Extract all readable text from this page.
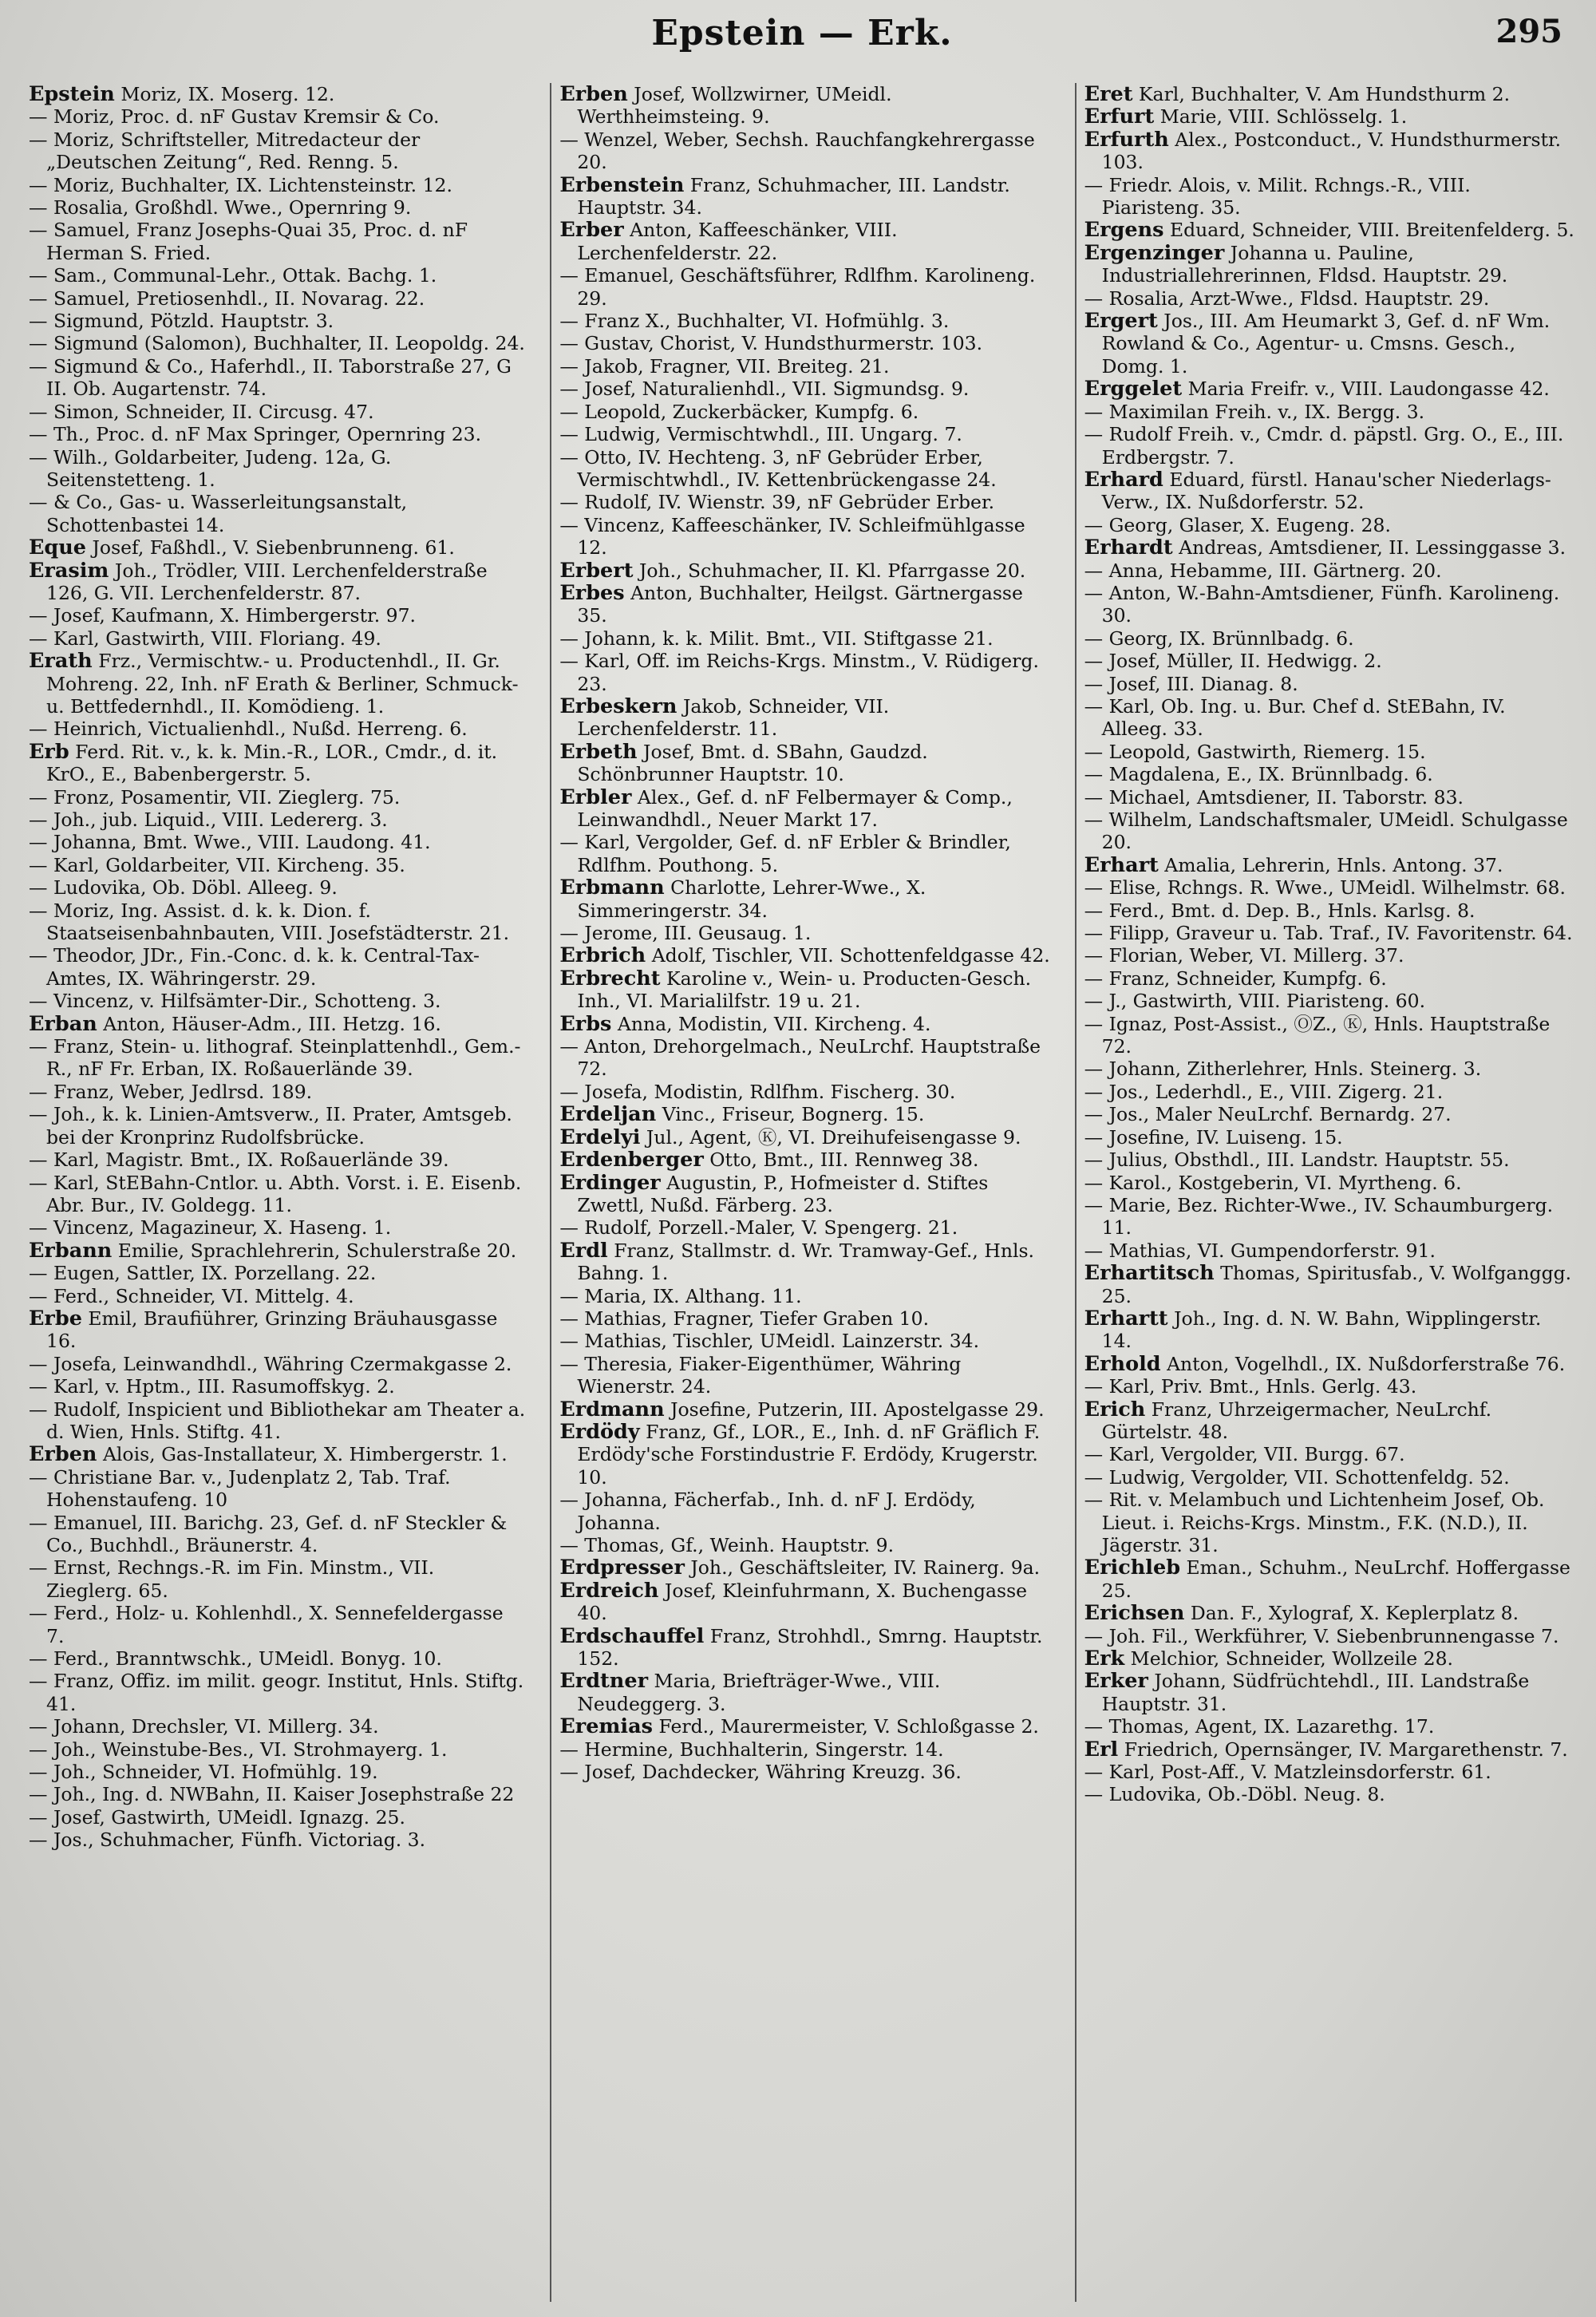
Epstein — Erk.	295

Epstein Moriz, IX. Moserg. 12.

— Moriz, Proc. d. nF Gustav Kremsir & Co.

— Moriz, Schriftsteller, Mitredacteur der „Deutschen Zeitung“, Red. Renng. 5.

— Moriz, Buchhalter, IX. Lichtensteinstr. 12.

— Rosalia, Großhdl. Wwe., Opernring 9.

— Samuel, Franz Josephs-Quai 35, Proc. d. nF Herman S. Fried.

— Sam., Communal-Lehr., Ottak. Bachg. 1.

— Samuel, Pretiosenhdl., II. Novarag. 22.

— Sigmund, Pötzld. Hauptstr. 3.

— Sigmund (Salomon), Buchhalter, II. Leopoldg. 24.

— Sigmund & Co., Haferhdl., II. Taborstraße 27, G II. Ob. Augartenstr. 74.

— Simon, Schneider, II. Circusg. 47.

— Th., Proc. d. nF Max Springer, Opernring 23.

— Wilh., Goldarbeiter, Judeng. 12a, G. Seitenstetteng. 1.

— & Co., Gas- u. Wasserleitungsanstalt, Schottenbastei 14.

Eque Josef, Faßhdl., V. Siebenbrunneng. 61.

Erasim Joh., Trödler, VIII. Lerchenfelderstraße 126, G. VII. Lerchenfelderstr. 87.

— Josef, Kaufmann, X. Himbergerstr. 97.

— Karl, Gastwirth, VIII. Floriang. 49.

Erath Frz., Vermischtw.- u. Productenhdl., II. Gr. Mohreng. 22, Inh. nF Erath & Berliner, Schmuck- u. Bettfedernhdl., II. Komödieng. 1.

— Heinrich, Victualienhdl., Nußd. Herreng. 6.

Erb Ferd. Rit. v., k. k. Min.-R., LOR., Cmdr., d. it. KrO., E., Babenbergerstr. 5.

— Fronz, Posamentir, VII. Zieglerg. 75.

— Joh., jub. Liquid., VIII. Ledererg. 3.

— Johanna, Bmt. Wwe., VIII. Laudong. 41.

— Karl, Goldarbeiter, VII. Kircheng. 35.

— Ludovika, Ob. Döbl. Alleeg. 9.

— Moriz, Ing. Assist. d. k. k. Dion. f. Staatseisenbahnbauten, VIII. Josefstädterstr. 21.

— Theodor, JDr., Fin.-Conc. d. k. k. Central-Tax-Amtes, IX. Währingerstr. 29.

— Vincenz, v. Hilfsämter-Dir., Schotteng. 3.

Erban Anton, Häuser-Adm., III. Hetzg. 16.

— Franz, Stein- u. lithograf. Steinplattenhdl., Gem.-R., nF Fr. Erban, IX. Roßauerlände 39.

— Franz, Weber, Jedlrsd. 189.

— Joh., k. k. Linien-Amtsverw., II. Prater, Amtsgeb. bei der Kronprinz Rudolfsbrücke.

— Karl, Magistr. Bmt., IX. Roßauerlände 39.

— Karl, StEBahn-Cntlor. u. Abth. Vorst. i. E. Eisenb. Abr. Bur., IV. Goldegg. 11.

— Vincenz, Magazineur, X. Haseng. 1.

Erbann Emilie, Sprachlehrerin, Schulerstraße 20.

— Eugen, Sattler, IX. Porzellang. 22.

— Ferd., Schneider, VI. Mittelg. 4.

Erbe Emil, Braufiührer, Grinzing Bräuhausgasse 16.

— Josefa, Leinwandhdl., Währing Czermakgasse 2.

— Karl, v. Hptm., III. Rasumoffskyg. 2.

— Rudolf, Inspicient und Bibliothekar am Theater a. d. Wien, Hnls. Stiftg. 41.

Erben Alois, Gas-Installateur, X. Himbergerstr. 1.

— Christiane Bar. v., Judenplatz 2, Tab. Traf. Hohenstaufeng. 10

— Emanuel, III. Barichg. 23, Gef. d. nF Steckler & Co., Buchhdl., Bräunerstr. 4.

— Ernst, Rechngs.-R. im Fin. Minstm., VII. Zieglerg. 65.

— Ferd., Holz- u. Kohlenhdl., X. Sennefeldergasse 7.

— Ferd., Branntwschk., UMeidl. Bonyg. 10.

— Franz, Offiz. im milit. geogr. Institut, Hnls. Stiftg. 41.

— Johann, Drechsler, VI. Millerg. 34.

— Joh., Weinstube-Bes., VI. Strohmayerg. 1.

— Joh., Schneider, VI. Hofmühlg. 19.

— Joh., Ing. d. NWBahn, II. Kaiser Josephstraße 22

— Josef, Gastwirth, UMeidl. Ignazg. 25.

— Jos., Schuhmacher, Fünfh. Victoriag. 3.

Erben Josef, Wollzwirner, UMeidl. Werthheimsteing. 9.

— Wenzel, Weber, Sechsh. Rauchfangkehrergasse 20.

Erbenstein Franz, Schuhmacher, III. Landstr. Hauptstr. 34.

Erber Anton, Kaffeeschänker, VIII. Lerchenfelderstr. 22.

— Emanuel, Geschäftsführer, Rdlfhm. Karolineng. 29.

— Franz X., Buchhalter, VI. Hofmühlg. 3.

— Gustav, Chorist, V. Hundsthurmerstr. 103.

— Jakob, Fragner, VII. Breiteg. 21.

— Josef, Naturalienhdl., VII. Sigmundsg. 9.

— Leopold, Zuckerbäcker, Kumpfg. 6.

— Ludwig, Vermischtwhdl., III. Ungarg. 7.

— Otto, IV. Hechteng. 3, nF Gebrüder Erber, Vermischtwhdl., IV. Kettenbrückengasse 24.

— Rudolf, IV. Wienstr. 39, nF Gebrüder Erber.

— Vincenz, Kaffeeschänker, IV. Schleifmühlgasse 12.

Erbert Joh., Schuhmacher, II. Kl. Pfarrgasse 20.

Erbes Anton, Buchhalter, Heilgst. Gärtnergasse 35.

— Johann, k. k. Milit. Bmt., VII. Stiftgasse 21.

— Karl, Off. im Reichs-Krgs. Minstm., V. Rüdigerg. 23.

Erbeskern Jakob, Schneider, VII. Lerchenfelderstr. 11.

Erbeth Josef, Bmt. d. SBahn, Gaudzd. Schönbrunner Hauptstr. 10.

Erbler Alex., Gef. d. nF Felbermayer & Comp., Leinwandhdl., Neuer Markt 17.

— Karl, Vergolder, Gef. d. nF Erbler & Brindler, Rdlfhm. Pouthong. 5.

Erbmann Charlotte, Lehrer-Wwe., X. Simmeringerstr. 34.

— Jerome, III. Geusaug. 1.

Erbrich Adolf, Tischler, VII. Schottenfeldgasse 42.

Erbrecht Karoline v., Wein- u. Producten-Gesch. Inh., VI. Marialilfstr. 19 u. 21.

Erbs Anna, Modistin, VII. Kircheng. 4.

— Anton, Drehorgelmach., NeuLrchf. Hauptstraße 72.

— Josefa, Modistin, Rdlfhm. Fischerg. 30.

Erdeljan Vinc., Friseur, Bognerg. 15.

Erdelyi Jul., Agent, Ⓚ, VI. Dreihufeisengasse 9.

Erdenberger Otto, Bmt., III. Rennweg 38.

Erdinger Augustin, P., Hofmeister d. Stiftes Zwettl, Nußd. Färberg. 23.

— Rudolf, Porzell.-Maler, V. Spengerg. 21.

Erdl Franz, Stallmstr. d. Wr. Tramway-Gef., Hnls. Bahng. 1.

— Maria, IX. Althang. 11.

— Mathias, Fragner, Tiefer Graben 10.

— Mathias, Tischler, UMeidl. Lainzerstr. 34.

— Theresia, Fiaker-Eigenthümer, Währing Wienerstr. 24.

Erdmann Josefine, Putzerin, III. Apostelgasse 29.

Erdödy Franz, Gf., LOR., E., Inh. d. nF Gräflich F. Erdödy'sche Forstindustrie F. Erdödy, Krugerstr. 10.

— Johanna, Fächerfab., Inh. d. nF J. Erdödy, Johanna.

— Thomas, Gf., Weinh. Hauptstr. 9.

Erdpresser Joh., Geschäftsleiter, IV. Rainerg. 9a.

Erdreich Josef, Kleinfuhrmann, X. Buchengasse 40.

Erdschauffel Franz, Strohhdl., Smrng. Hauptstr. 152.

Erdtner Maria, Briefträger-Wwe., VIII. Neudeggerg. 3.

Eremias Ferd., Maurermeister, V. Schloßgasse 2.

— Hermine, Buchhalterin, Singerstr. 14.

— Josef, Dachdecker, Währing Kreuzg. 36.

Eret Karl, Buchhalter, V. Am Hundsthurm 2.

Erfurt Marie, VIII. Schlösselg. 1.

Erfurth Alex., Postconduct., V. Hundsthurmerstr. 103.

— Friedr. Alois, v. Milit. Rchngs.-R., VIII. Piaristeng. 35.

Ergens Eduard, Schneider, VIII. Breitenfelderg. 5.

Ergenzinger Johanna u. Pauline, Industriallehrerinnen, Fldsd. Hauptstr. 29.

— Rosalia, Arzt-Wwe., Fldsd. Hauptstr. 29.

Ergert Jos., III. Am Heumarkt 3, Gef. d. nF Wm. Rowland & Co., Agentur- u. Cmsns. Gesch., Domg. 1.

Erggelet Maria Freifr. v., VIII. Laudongasse 42.

— Maximilan Freih. v., IX. Bergg. 3.

— Rudolf Freih. v., Cmdr. d. päpstl. Grg. O., E., III. Erdbergstr. 7.

Erhard Eduard, fürstl. Hanau'scher Niederlags-Verw., IX. Nußdorferstr. 52.

— Georg, Glaser, X. Eugeng. 28.

Erhardt Andreas, Amtsdiener, II. Lessinggasse 3.

— Anna, Hebamme, III. Gärtnerg. 20.

— Anton, W.-Bahn-Amtsdiener, Fünfh. Karolineng. 30.

— Georg, IX. Brünnlbadg. 6.

— Josef, Müller, II. Hedwigg. 2.

— Josef, III. Dianag. 8.

— Karl, Ob. Ing. u. Bur. Chef d. StEBahn, IV. Alleeg. 33.

— Leopold, Gastwirth, Riemerg. 15.

— Magdalena, E., IX. Brünnlbadg. 6.

— Michael, Amtsdiener, II. Taborstr. 83.

— Wilhelm, Landschaftsmaler, UMeidl. Schulgasse 20.

Erhart Amalia, Lehrerin, Hnls. Antong. 37.

— Elise, Rchngs. R. Wwe., UMeidl. Wilhelmstr. 68.

— Ferd., Bmt. d. Dep. B., Hnls. Karlsg. 8.

— Filipp, Graveur u. Tab. Traf., IV. Favoritenstr. 64.

— Florian, Weber, VI. Millerg. 37.

— Franz, Schneider, Kumpfg. 6.

— J., Gastwirth, VIII. Piaristeng. 60.

— Ignaz, Post-Assist., ⓄZ., Ⓚ, Hnls. Hauptstraße 72.

— Johann, Zitherlehrer, Hnls. Steinerg. 3.

— Jos., Lederhdl., E., VIII. Zigerg. 21.

— Jos., Maler NeuLrchf. Bernardg. 27.

— Josefine, IV. Luiseng. 15.

— Julius, Obsthdl., III. Landstr. Hauptstr. 55.

— Karol., Kostgeberin, VI. Myrtheng. 6.

— Marie, Bez. Richter-Wwe., IV. Schaumburgerg. 11.

— Mathias, VI. Gumpendorferstr. 91.

Erhartitsch Thomas, Spiritusfab., V. Wolfganggg. 25.

Erhartt Joh., Ing. d. N. W. Bahn, Wipplingerstr. 14.

Erhold Anton, Vogelhdl., IX. Nußdorferstraße 76.

— Karl, Priv. Bmt., Hnls. Gerlg. 43.

Erich Franz, Uhrzeigermacher, NeuLrchf. Gürtelstr. 48.

— Karl, Vergolder, VII. Burgg. 67.

— Ludwig, Vergolder, VII. Schottenfeldg. 52.

— Rit. v. Melambuch und Lichtenheim Josef, Ob. Lieut. i. Reichs-Krgs. Minstm., F.K. (N.D.), II. Jägerstr. 31.

Erichleb Eman., Schuhm., NeuLrchf. Hoffergasse 25.

Erichsen Dan. F., Xylograf, X. Keplerplatz 8.

— Joh. Fil., Werkführer, V. Siebenbrunnengasse 7.

Erk Melchior, Schneider, Wollzeile 28.

Erker Johann, Südfrüchtehdl., III. Landstraße Hauptstr. 31.

— Thomas, Agent, IX. Lazarethg. 17.

Erl Friedrich, Opernsänger, IV. Margarethenstr. 7.

— Karl, Post-Aff., V. Matzleinsdorferstr. 61.

— Ludovika, Ob.-Döbl. Neug. 8.
